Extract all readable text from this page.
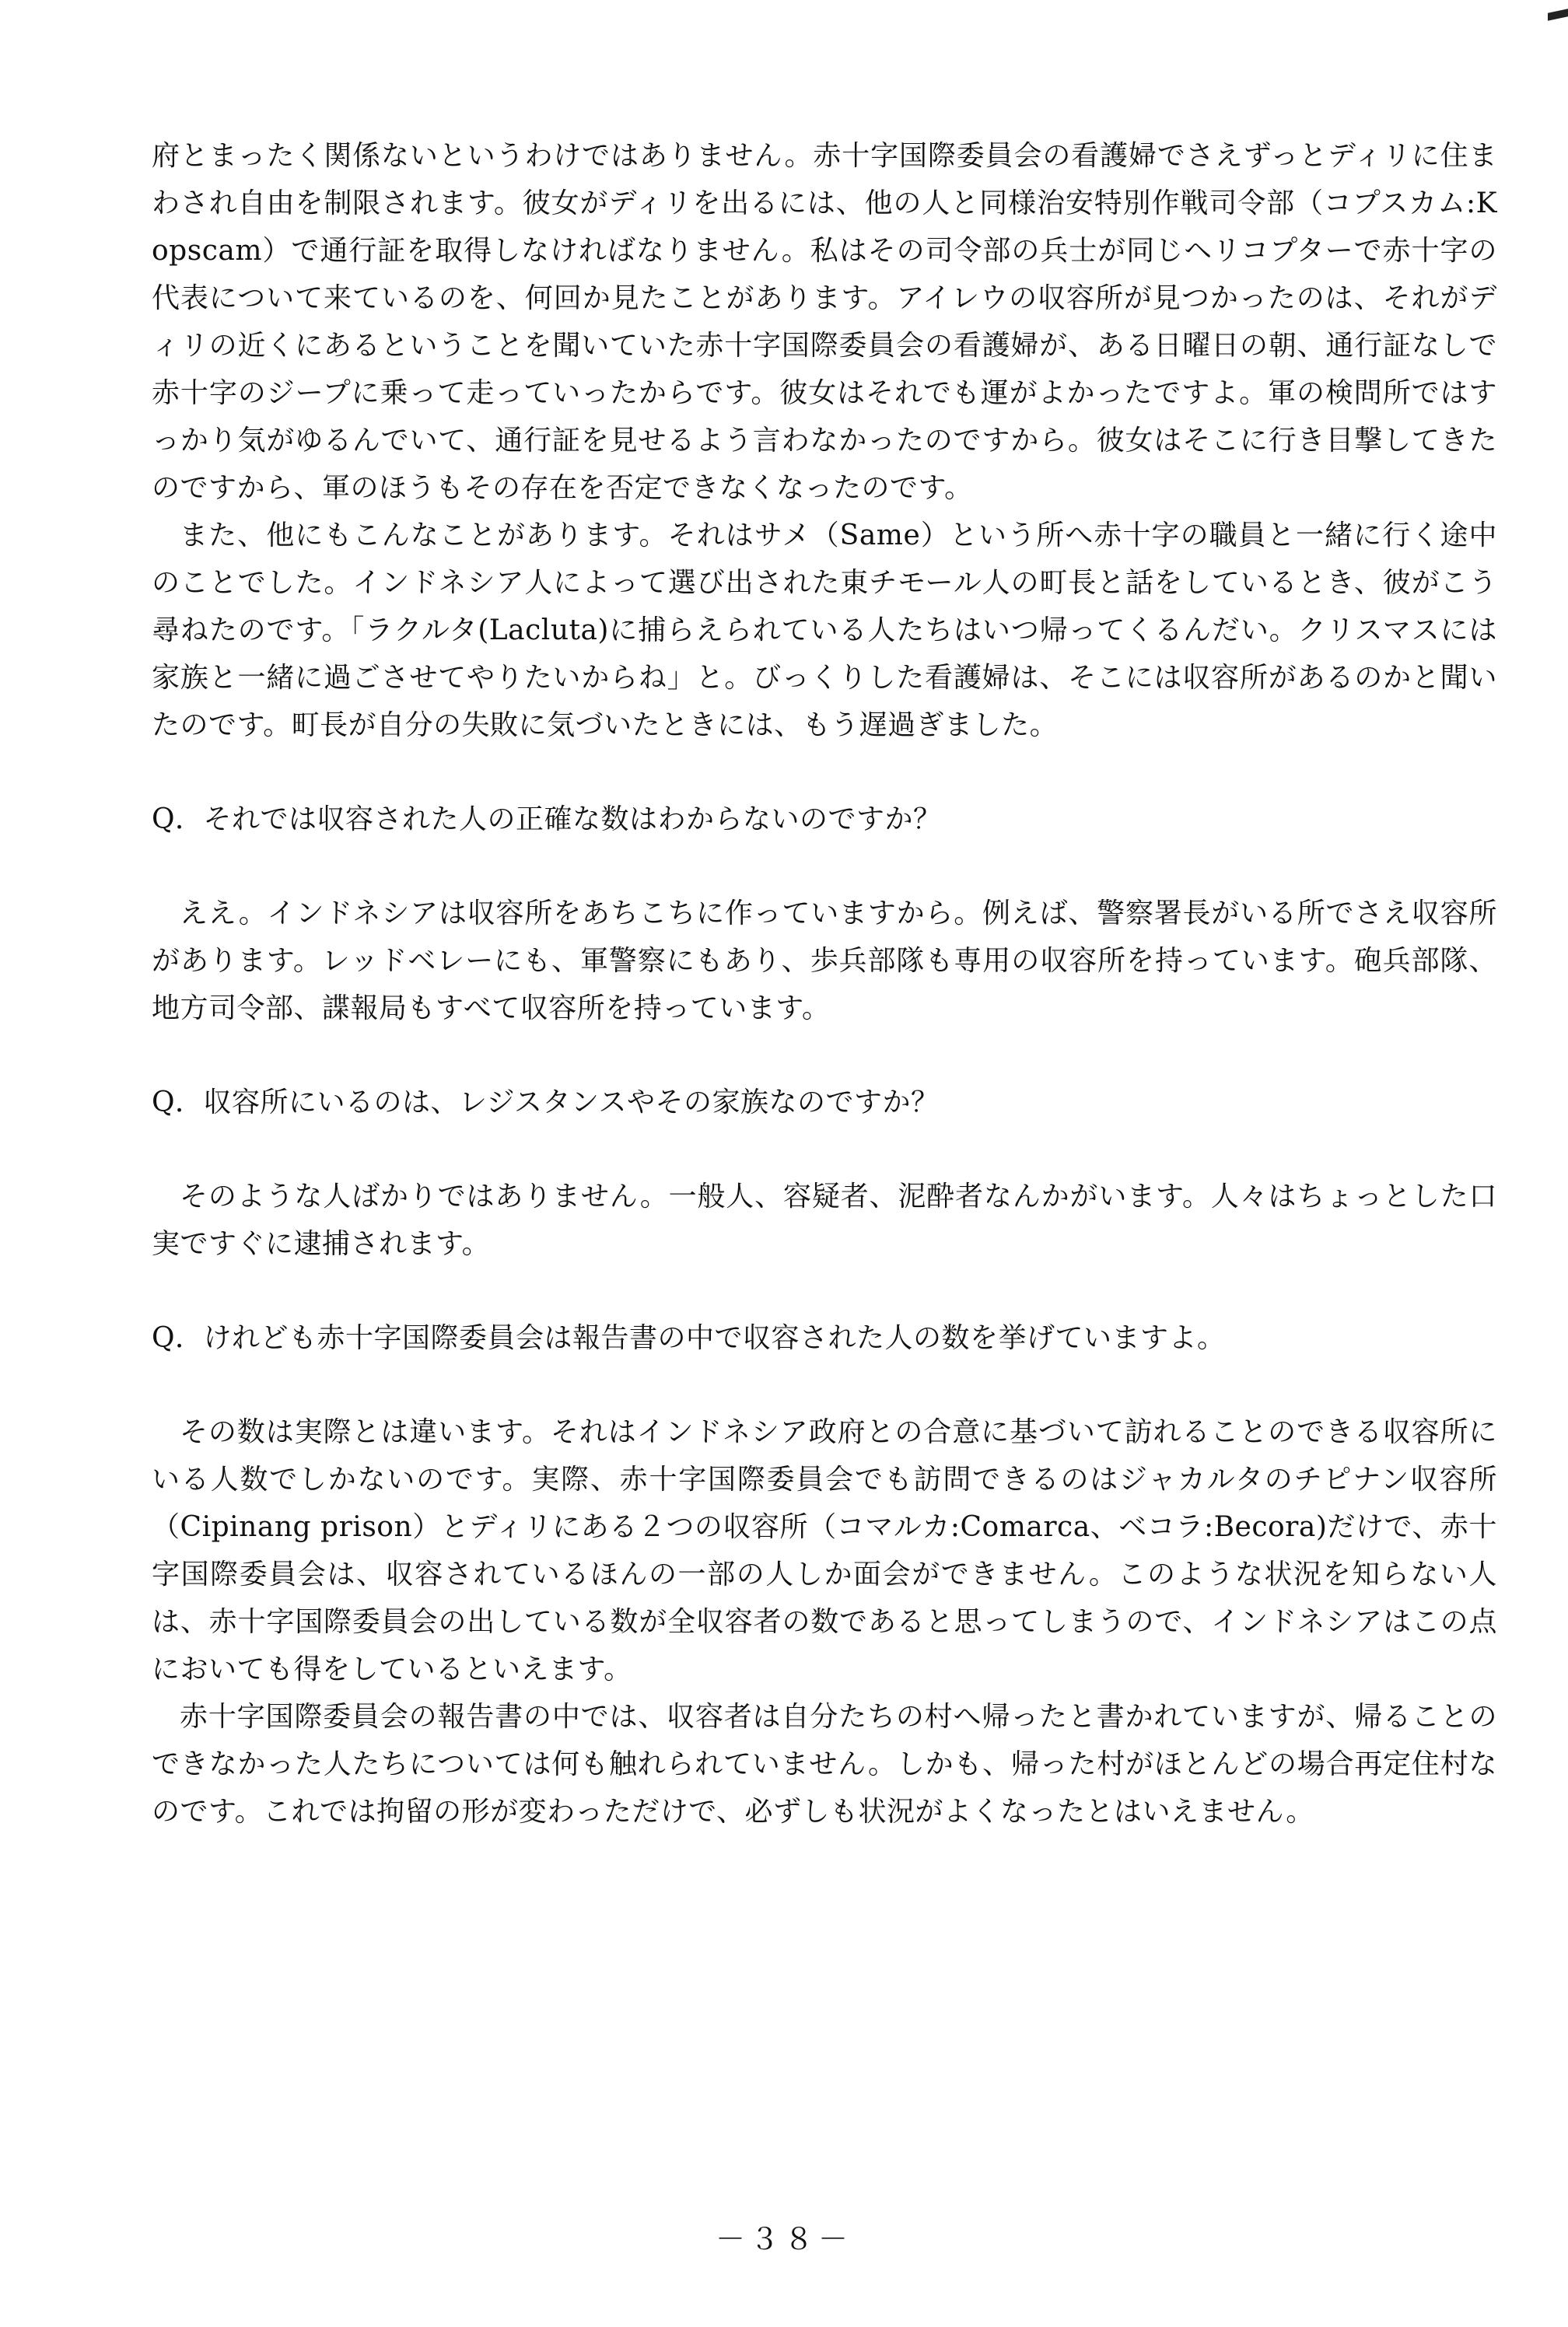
府とまったく関係ないというわけではありません。赤十字国際委員会の看護婦でさえずっとディリに住まわされ自由を制限されます。彼女がディリを出るには、他の人と同様治安特別作戦司令部（コプスカム:Kopscam）で通行証を取得しなければなりません。私はその司令部の兵士が同じヘリコプターで赤十字の代表について来ているのを、何回か見たことがあります。アイレウの収容所が見つかったのは、それがディリの近くにあるということを聞いていた赤十字国際委員会の看護婦が、ある日曜日の朝、通行証なしで赤十字のジープに乗って走っていったからです。彼女はそれでも運がよかったですよ。軍の検問所ではすっかり気がゆるんでいて、通行証を見せるよう言わなかったのですから。彼女はそこに行き目撃してきたのですから、軍のほうもその存在を否定できなくなったのです。

また、他にもこんなことがあります。それはサメ（Same）という所へ赤十字の職員と一緒に行く途中のことでした。インドネシア人によって選び出された東チモール人の町長と話をしているとき、彼がこう尋ねたのです。「ラクルタ(Lacluta)に捕らえられている人たちはいつ帰ってくるんだい。クリスマスには家族と一緒に過ごさせてやりたいからね」と。びっくりした看護婦は、そこには収容所があるのかと聞いたのです。町長が自分の失敗に気づいたときには、もう遅過ぎました。

Q．それでは収容された人の正確な数はわからないのですか？

ええ。インドネシアは収容所をあちこちに作っていますから。例えば、警察署長がいる所でさえ収容所があります。レッドベレーにも、軍警察にもあり、歩兵部隊も専用の収容所を持っています。砲兵部隊、地方司令部、諜報局もすべて収容所を持っています。

Q．収容所にいるのは、レジスタンスやその家族なのですか？

そのような人ばかりではありません。一般人、容疑者、泥酔者なんかがいます。人々はちょっとした口実ですぐに逮捕されます。

Q．けれども赤十字国際委員会は報告書の中で収容された人の数を挙げていますよ。

その数は実際とは違います。それはインドネシア政府との合意に基づいて訪れることのできる収容所にいる人数でしかないのです。実際、赤十字国際委員会でも訪問できるのはジャカルタのチピナン収容所（Cipinang prison）とディリにある２つの収容所（コマルカ:Comarca、ベコラ:Becora)だけで、赤十字国際委員会は、収容されているほんの一部の人しか面会ができません。このような状況を知らない人は、赤十字国際委員会の出している数が全収容者の数であると思ってしまうので、インドネシアはこの点においても得をしているといえます。

赤十字国際委員会の報告書の中では、収容者は自分たちの村へ帰ったと書かれていますが、帰ることのできなかった人たちについては何も触れられていません。しかも、帰った村がほとんどの場合再定住村なのです。これでは拘留の形が変わっただけで、必ずしも状況がよくなったとはいえません。

－３８－
